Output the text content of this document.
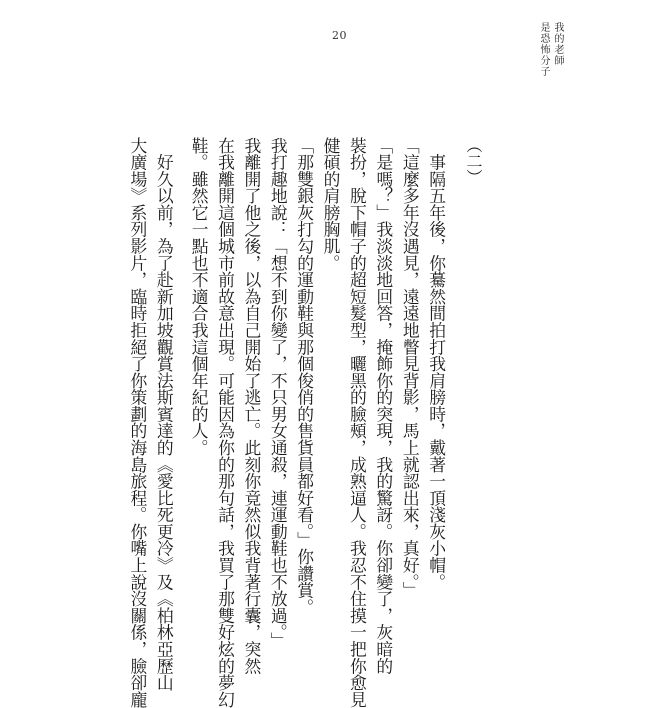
20	我的老師
是恐怖分子
（二）
　事隔五年後，你驀然間拍打我肩膀時，戴著一頂淺灰小帽。
「這麼多年沒遇見，遠遠地瞥見背影，馬上就認出來，真好。」
「是嗎？」我淡淡地回答，掩飾你的突現，我的驚訝。你卻變了，灰暗的
裝扮，脫下帽子的超短髮型，曬黑的臉頰，成熟逼人。我忍不住摸一把你愈見
健碩的肩膀胸肌。
「那雙銀灰打勾的運動鞋與那個俊俏的售貨員都好看。」你讚賞。
我打趣地說：「想不到你變了，不只男女通殺，連運動鞋也不放過。」
我離開了他之後，以為自己開始了逃亡。此刻你竟然似我背著行囊，突然
在我離開這個城市前故意出現。可能因為你的那句話，我買了那雙好炫的夢幻
鞋。雖然它一點也不適合我這個年紀的人。
　好久以前，為了赴新加坡觀賞法斯賓達的《愛比死更冷》及《柏林亞歷山
大廣場》系列影片，臨時拒絕了你策劃的海島旅程。你嘴上說沒關係，臉卻龐
